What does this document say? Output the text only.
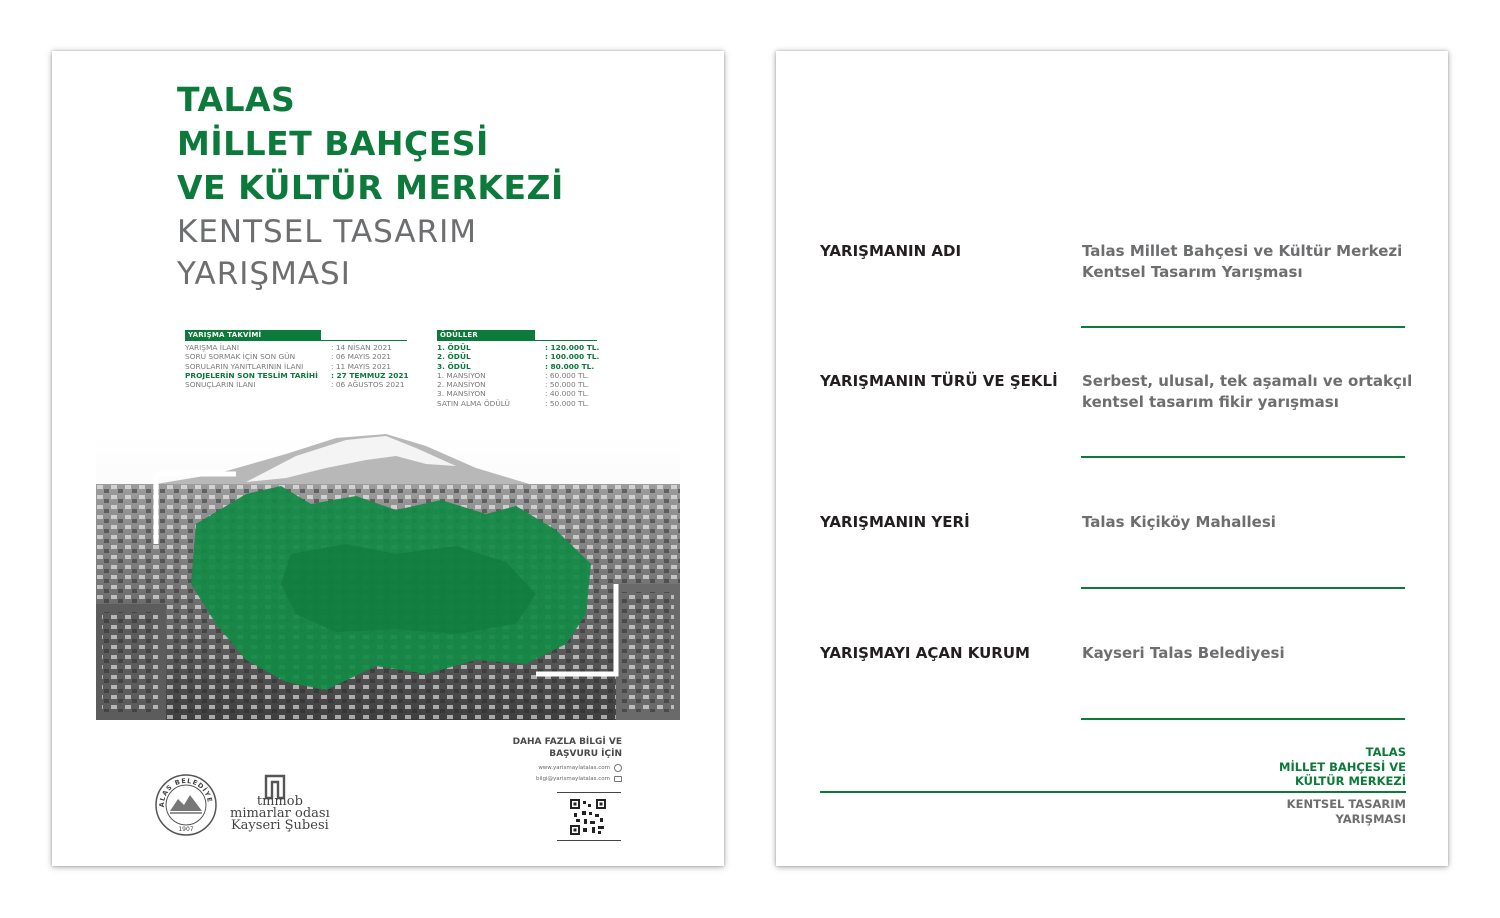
TALAS
MİLLET BAHÇESİ
VE KÜLTÜR MERKEZİ
KENTSEL TASARIM
YARIŞMASI
YARIŞMA TAKVİMİ
YARIŞMA İLANI	: 14 NİSAN 2021
SORU SORMAK İÇİN SON GÜN	: 06 MAYIS 2021
SORULARIN YANITLARININ İLANI	: 11 MAYIS 2021
PROJELERİN SON TESLİM TARİHİ : 27 TEMMUZ 2021
SONUÇLARIN İLANI	: 06 AĞUSTOS 2021
ÖDÜLLER
1. ÖDÜL	: 120.000 TL.
2. ÖDÜL	: 100.000 TL.
3. ÖDÜL	: 80.000 TL.
1. MANSİYON	: 60.000 TL.
2. MANSİYON	: 50.000 TL.
3. MANSİYON	: 40.000 TL.
SATIN ALMA ÖDÜLÜ	: 50.000 TL.
DAHA FAZLA BİLGİ VE
BAŞVURU İÇİN
www.yarismaylatalas.com
bilgi@yarismaylatalas.com
ALAS BELEDİYE
1907
tmmob
mimarlar odası
Kayseri Şubesi
YARIŞMANIN ADI	Talas Millet Bahçesi ve Kültür Merkezi Kentsel Tasarım Yarışması
YARIŞMANIN TÜRÜ VE ŞEKLİ Serbest, ulusal, tek aşamalı ve ortakçıl kentsel tasarım fikir yarışması
YARIŞMANIN YERİ	Talas Kiçiköy Mahallesi
YARIŞMAYI AÇAN KURUM	Kayseri Talas Belediyesi
TALAS
MİLLET BAHÇESİ VE
KÜLTÜR MERKEZİ
KENTSEL TASARIM
YARIŞMASI
